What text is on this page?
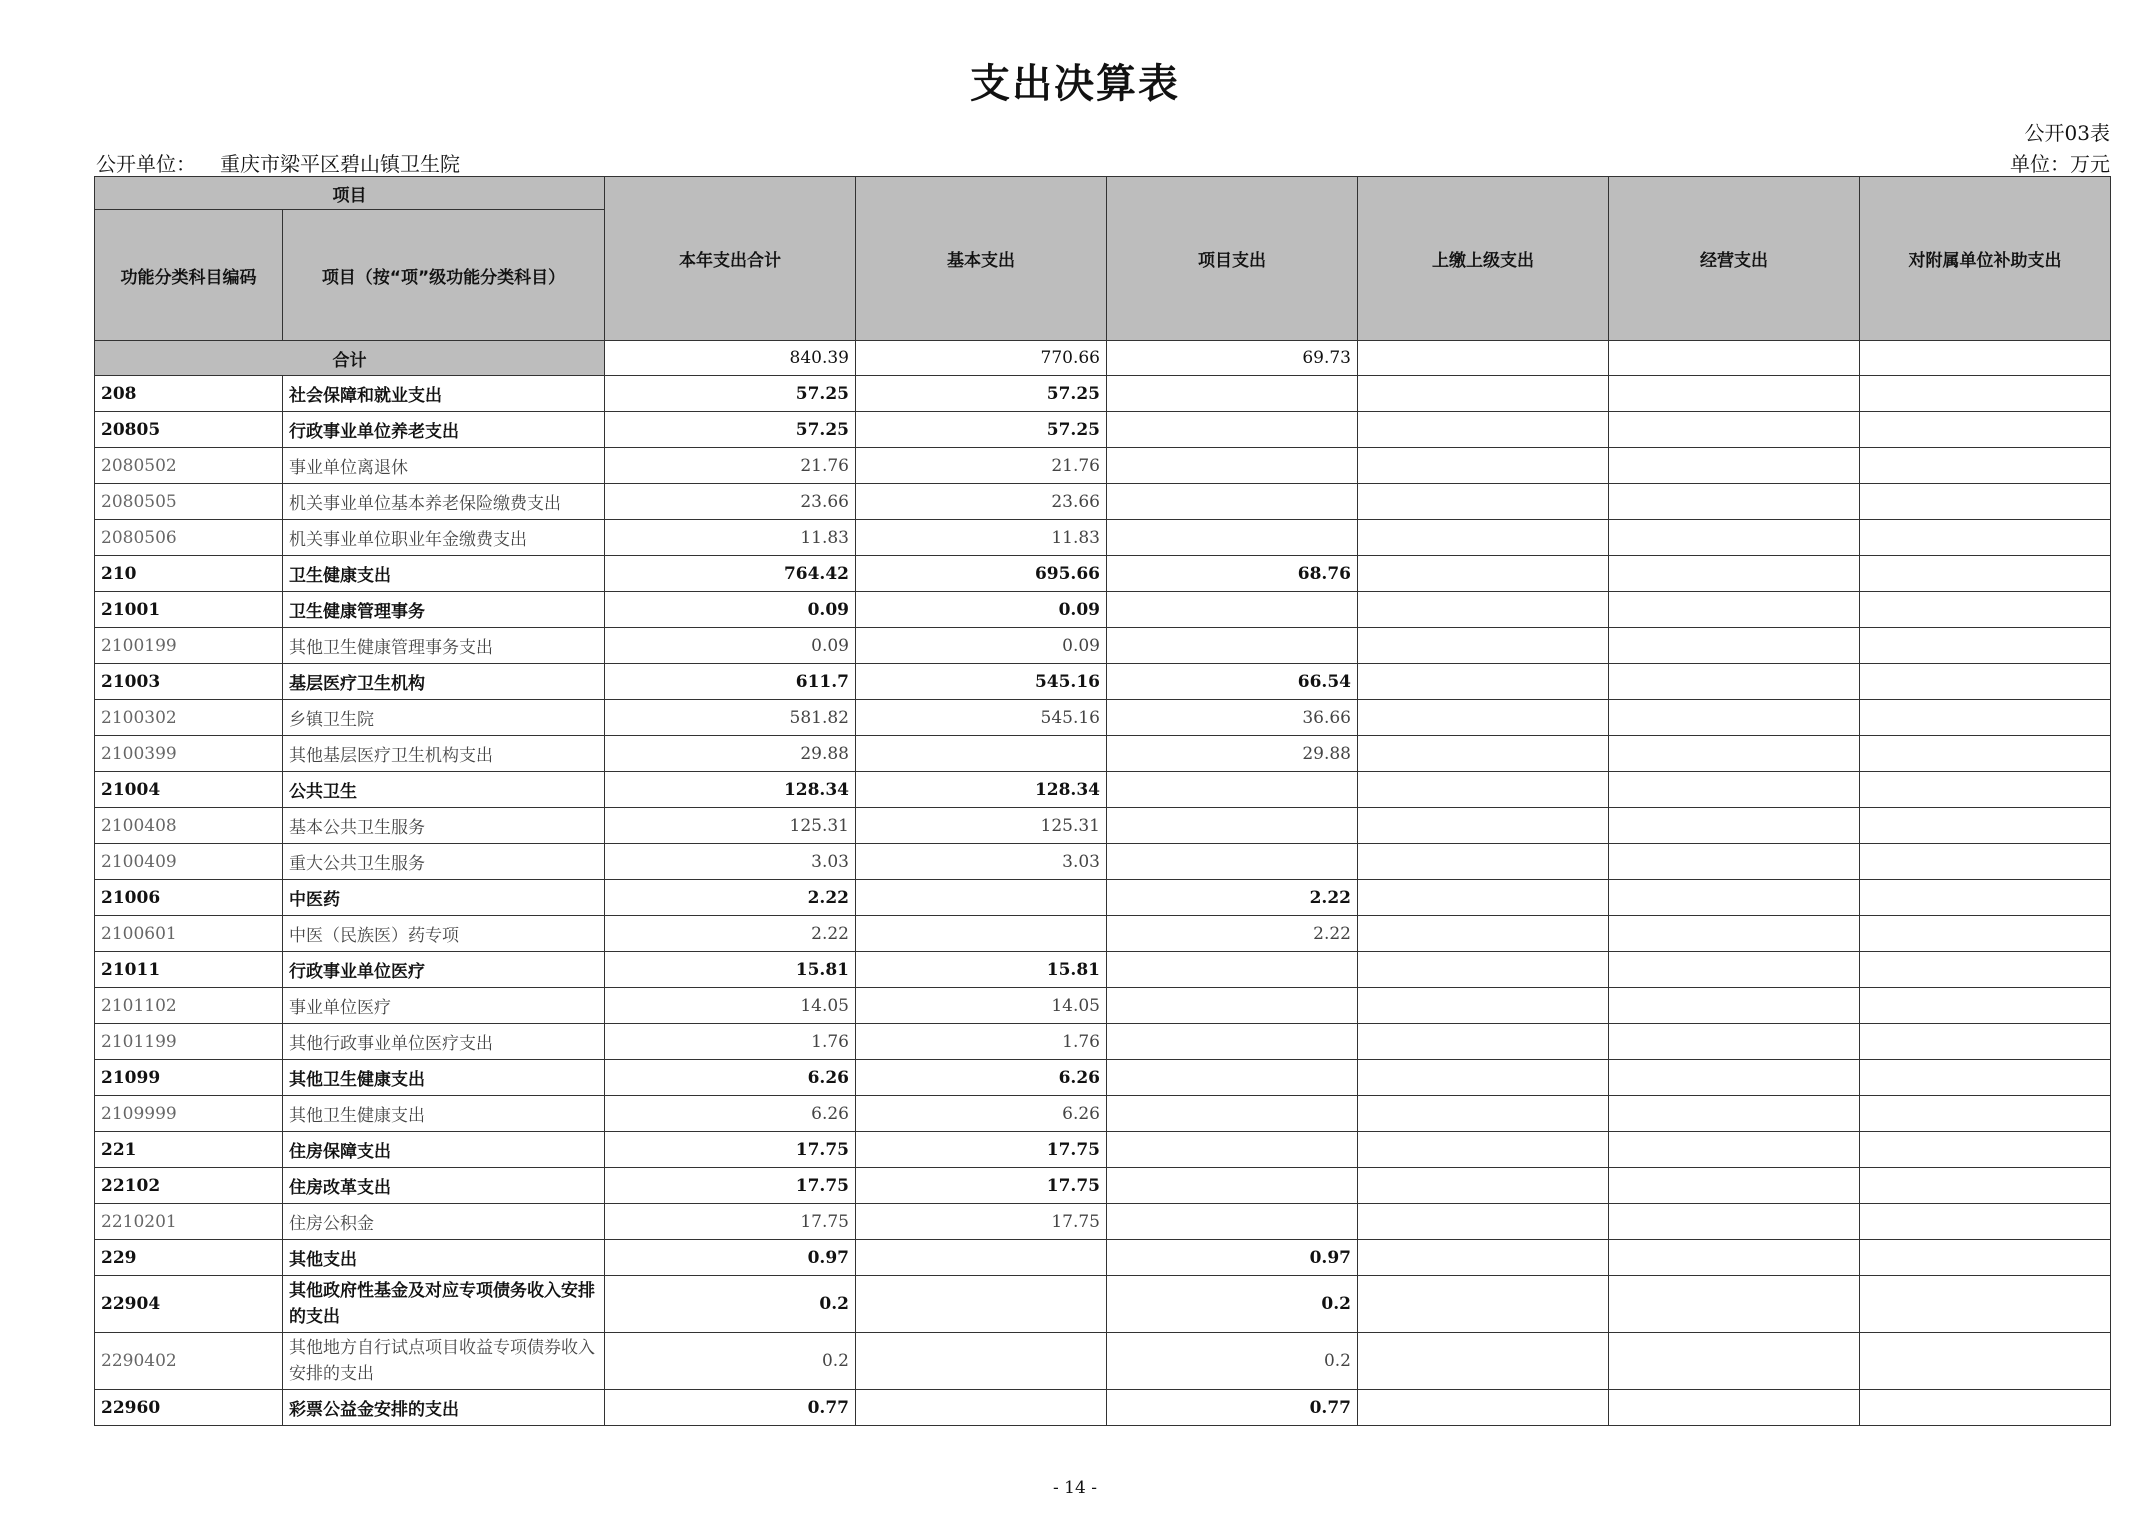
支出决算表
公开03表
公开单位： 重庆市梁平区碧山镇卫生院	单位：万元
项目		本年支出合计	基本支出	项目支出	上缴上级支出	经营支出	对附属单位补助支出
功能分类科目编码	项目（按“项”级功能分类科目）						
合计		840.39	770.66	69.73			
208	社会保障和就业支出	57.25	57.25				
20805	行政事业单位养老支出	57.25	57.25				
2080502	事业单位离退休	21.76	21.76				
2080505	机关事业单位基本养老保险缴费支出	23.66	23.66				
2080506	机关事业单位职业年金缴费支出	11.83	11.83				
210	卫生健康支出	764.42	695.66	68.76			
21001	卫生健康管理事务	0.09	0.09				
2100199	其他卫生健康管理事务支出	0.09	0.09				
21003	基层医疗卫生机构	611.7	545.16	66.54			
2100302	乡镇卫生院	581.82	545.16	36.66			
2100399	其他基层医疗卫生机构支出	29.88		29.88			
21004	公共卫生	128.34	128.34				
2100408	基本公共卫生服务	125.31	125.31				
2100409	重大公共卫生服务	3.03	3.03				
21006	中医药	2.22		2.22			
2100601	中医（民族医）药专项	2.22		2.22			
21011	行政事业单位医疗	15.81	15.81				
2101102	事业单位医疗	14.05	14.05				
2101199	其他行政事业单位医疗支出	1.76	1.76				
21099	其他卫生健康支出	6.26	6.26				
2109999	其他卫生健康支出	6.26	6.26				
221	住房保障支出	17.75	17.75				
22102	住房改革支出	17.75	17.75				
2210201	住房公积金	17.75	17.75				
229	其他支出	0.97		0.97			
22904	其他政府性基金及对应专项债务收入安排的支出	0.2		0.2			
2290402	其他地方自行试点项目收益专项债券收入安排的支出	0.2		0.2			
22960	彩票公益金安排的支出	0.77		0.77			
- 14 -
